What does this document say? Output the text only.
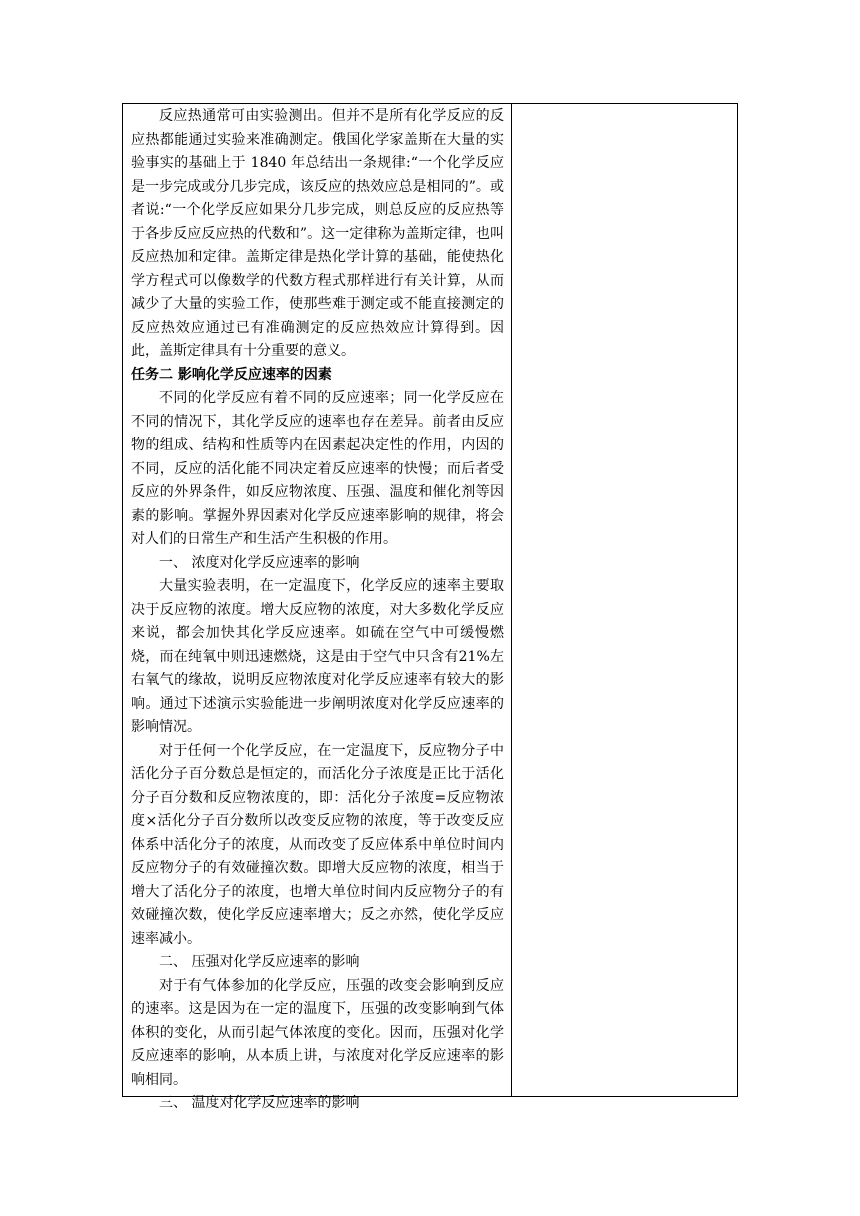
反应热通常可由实验测出。但并不是所有化学反应的反应热都能通过实验来准确测定。俄国化学家盖斯在大量的实验事实的基础上于 1840 年总结出一条规律:“一个化学反应是一步完成或分几步完成，该反应的热效应总是相同的”。或者说:“一个化学反应如果分几步完成，则总反应的反应热等于各步反应反应热的代数和”。这一定律称为盖斯定律，也叫反应热加和定律。盖斯定律是热化学计算的基础，能使热化学方程式可以像数学的代数方程式那样进行有关计算，从而减少了大量的实验工作，使那些难于测定或不能直接测定的反应热效应通过已有准确测定的反应热效应计算得到。因此，盖斯定律具有十分重要的意义。

任务二 影响化学反应速率的因素

不同的化学反应有着不同的反应速率；同一化学反应在不同的情况下，其化学反应的速率也存在差异。前者由反应物的组成、结构和性质等内在因素起决定性的作用，内因的不同，反应的活化能不同决定着反应速率的快慢；而后者受反应的外界条件，如反应物浓度、压强、温度和催化剂等因素的影响。掌握外界因素对化学反应速率影响的规律，将会对人们的日常生产和生活产生积极的作用。

一、 浓度对化学反应速率的影响

大量实验表明，在一定温度下，化学反应的速率主要取决于反应物的浓度。增大反应物的浓度，对大多数化学反应来说，都会加快其化学反应速率。如硫在空气中可缓慢燃烧，而在纯氧中则迅速燃烧，这是由于空气中只含有21%左右氧气的缘故，说明反应物浓度对化学反应速率有较大的影响。通过下述演示实验能进一步阐明浓度对化学反应速率的影响情况。

对于任何一个化学反应，在一定温度下，反应物分子中活化分子百分数总是恒定的，而活化分子浓度是正比于活化分子百分数和反应物浓度的，即：活化分子浓度=反应物浓度×活化分子百分数所以改变反应物的浓度，等于改变反应体系中活化分子的浓度，从而改变了反应体系中单位时间内反应物分子的有效碰撞次数。即增大反应物的浓度，相当于增大了活化分子的浓度，也增大单位时间内反应物分子的有效碰撞次数，使化学反应速率增大；反之亦然，使化学反应速率减小。

二、 压强对化学反应速率的影响

对于有气体参加的化学反应，压强的改变会影响到反应的速率。这是因为在一定的温度下，压强的改变影响到气体体积的变化，从而引起气体浓度的变化。因而，压强对化学反应速率的影响，从本质上讲，与浓度对化学反应速率的影响相同。

三、 温度对化学反应速率的影响
